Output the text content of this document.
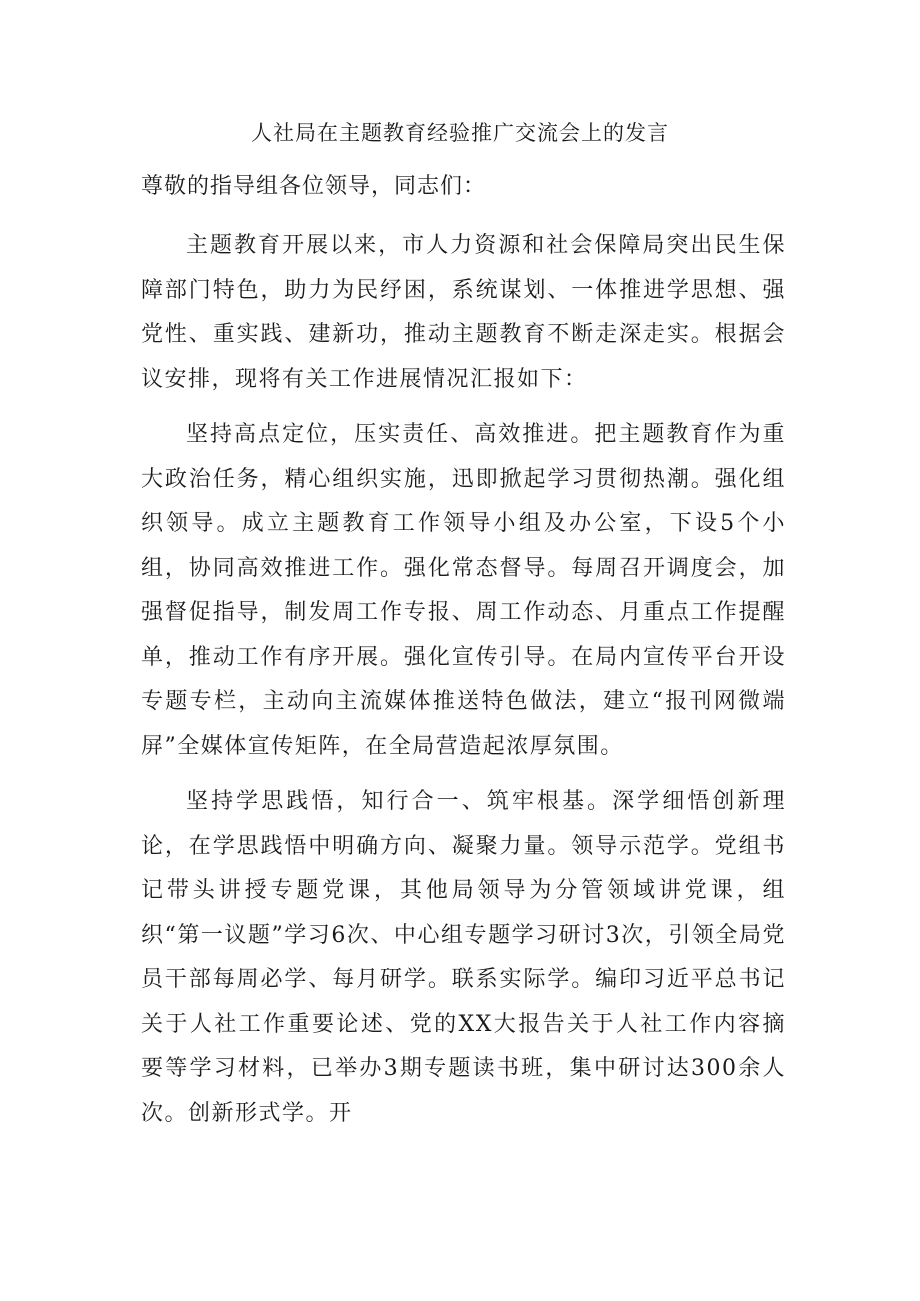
人社局在主题教育经验推广交流会上的发言
尊敬的指导组各位领导，同志们：
主题教育开展以来，市人力资源和社会保障局突出民生保障部门特色，助力为民纾困，系统谋划、一体推进学思想、强党性、重实践、建新功，推动主题教育不断走深走实。根据会议安排，现将有关工作进展情况汇报如下：
坚持高点定位，压实责任、高效推进。把主题教育作为重大政治任务，精心组织实施，迅即掀起学习贯彻热潮。强化组织领导。成立主题教育工作领导小组及办公室，下设5个小组，协同高效推进工作。强化常态督导。每周召开调度会，加强督促指导，制发周工作专报、周工作动态、月重点工作提醒单，推动工作有序开展。强化宣传引导。在局内宣传平台开设专题专栏，主动向主流媒体推送特色做法，建立“报刊网微端屏”全媒体宣传矩阵，在全局营造起浓厚氛围。
坚持学思践悟，知行合一、筑牢根基。深学细悟创新理论，在学思践悟中明确方向、凝聚力量。领导示范学。党组书记带头讲授专题党课，其他局领导为分管领域讲党课，组织“第一议题”学习6次、中心组专题学习研讨3次，引领全局党员干部每周必学、每月研学。联系实际学。编印习近平总书记关于人社工作重要论述、党的XX大报告关于人社工作内容摘要等学习材料，已举办3期专题读书班，集中研讨达300余人次。创新形式学。开
